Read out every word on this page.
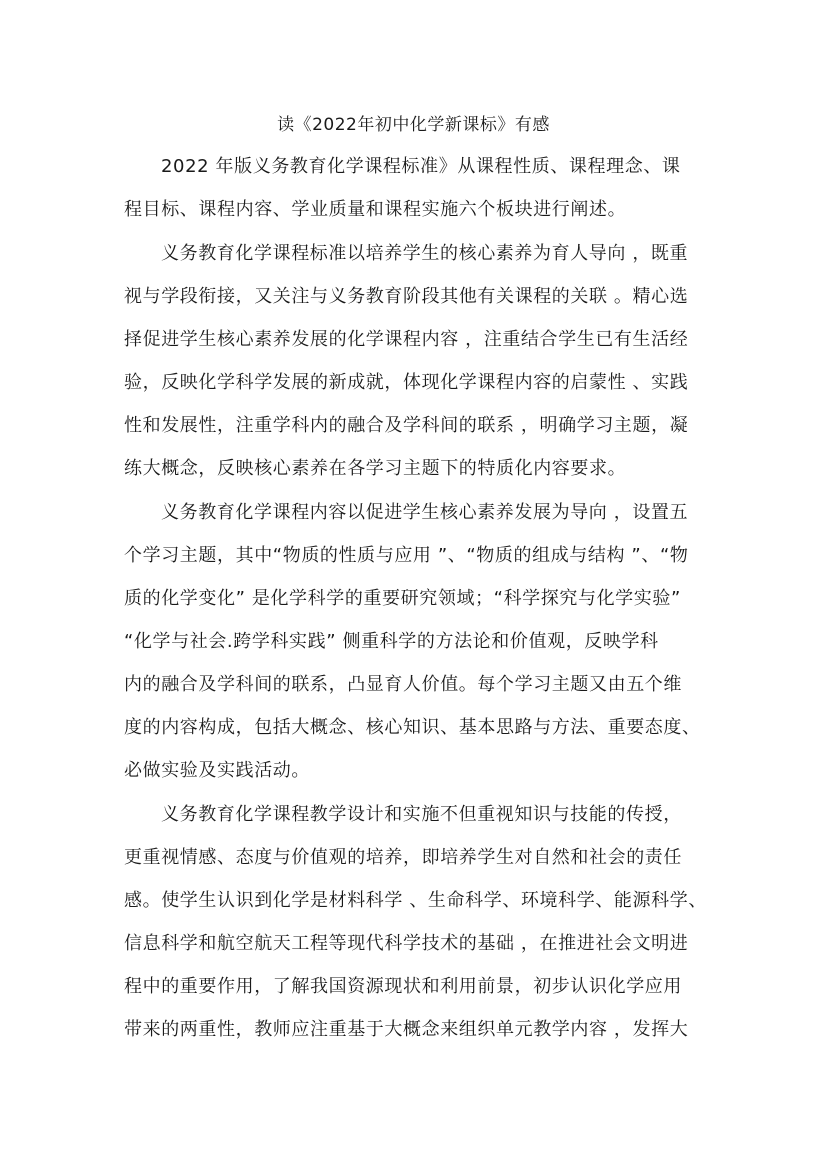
读《2022年初中化学新课标》有感

2022 年版义务教育化学课程标准》从课程性质、课程理念、课

程目标、课程内容、学业质量和课程实施六个板块进行阐述。

义务教育化学课程标准以培养学生的核心素养为育人导向 ，既重

视与学段衔接，又关注与义务教育阶段其他有关课程的关联 。精心选

择促进学生核心素养发展的化学课程内容 ，注重结合学生已有生活经

验，反映化学科学发展的新成就，体现化学课程内容的启蒙性 、实践

性和发展性，注重学科内的融合及学科间的联系 ，明确学习主题，凝

练大概念，反映核心素养在各学习主题下的特质化内容要求。

义务教育化学课程内容以促进学生核心素养发展为导向 ，设置五

个学习主题，其中“物质的性质与应用 ”、“物质的组成与结构 ”、“物

质的化学变化” 是化学科学的重要研究领域；“科学探究与化学实验”

“化学与社会.跨学科实践” 侧重科学的方法论和价值观，反映学科

内的融合及学科间的联系，凸显育人价值。每个学习主题又由五个维

度的内容构成，包括大概念、核心知识、基本思路与方法、重要态度、

必做实验及实践活动。

义务教育化学课程教学设计和实施不但重视知识与技能的传授，

更重视情感、态度与价值观的培养，即培养学生对自然和社会的责任

感。使学生认识到化学是材料科学 、生命科学、环境科学、能源科学、

信息科学和航空航天工程等现代科学技术的基础 ，在推进社会文明进

程中的重要作用，了解我国资源现状和利用前景，初步认识化学应用

带来的两重性，教师应注重基于大概念来组织单元教学内容 ，发挥大
